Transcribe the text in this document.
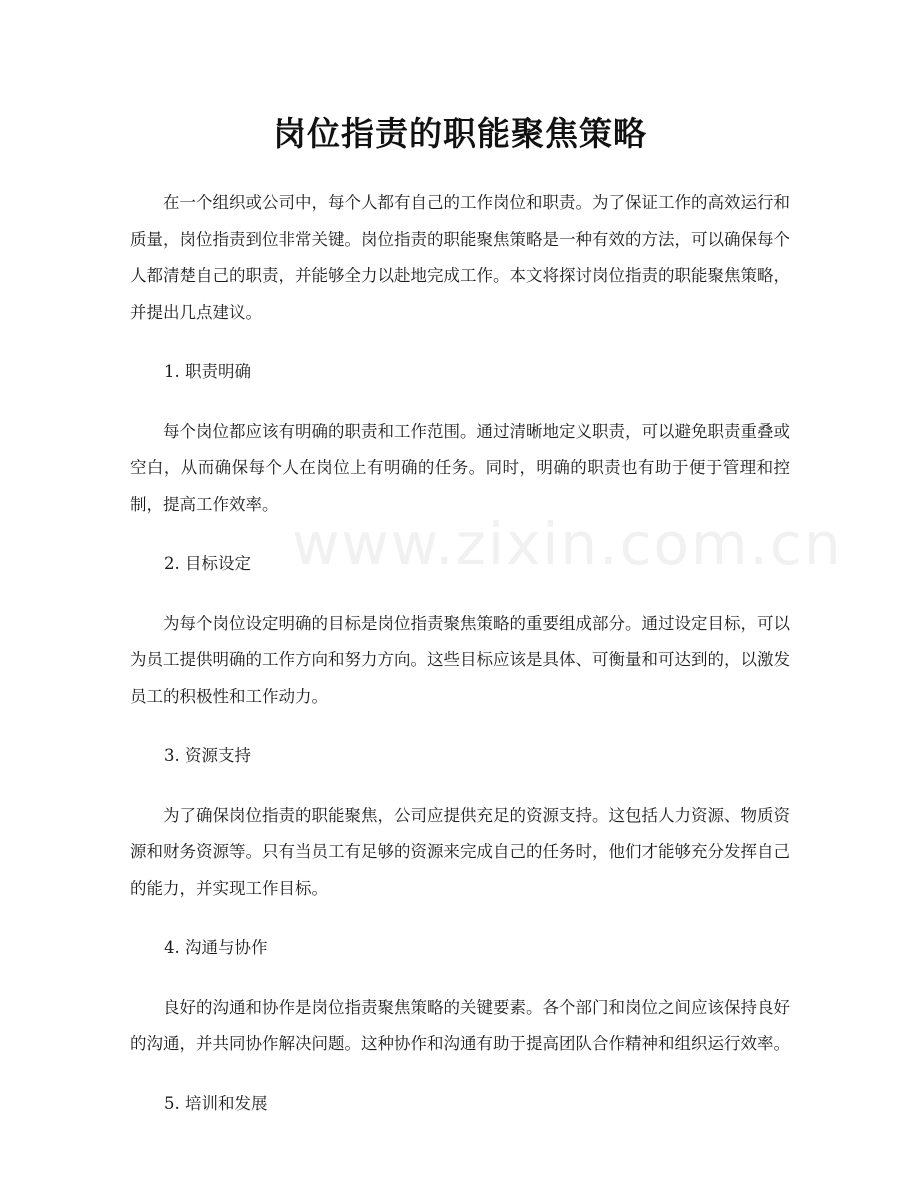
岗位指责的职能聚焦策略

在一个组织或公司中，每个人都有自己的工作岗位和职责。为了保证工作的高效运行和质量，岗位指责到位非常关键。岗位指责的职能聚焦策略是一种有效的方法，可以确保每个人都清楚自己的职责，并能够全力以赴地完成工作。本文将探讨岗位指责的职能聚焦策略，并提出几点建议。

1. 职责明确

每个岗位都应该有明确的职责和工作范围。通过清晰地定义职责，可以避免职责重叠或空白，从而确保每个人在岗位上有明确的任务。同时，明确的职责也有助于便于管理和控制，提高工作效率。

2. 目标设定

为每个岗位设定明确的目标是岗位指责聚焦策略的重要组成部分。通过设定目标，可以为员工提供明确的工作方向和努力方向。这些目标应该是具体、可衡量和可达到的，以激发员工的积极性和工作动力。

3. 资源支持

为了确保岗位指责的职能聚焦，公司应提供充足的资源支持。这包括人力资源、物质资源和财务资源等。只有当员工有足够的资源来完成自己的任务时，他们才能够充分发挥自己的能力，并实现工作目标。

4. 沟通与协作

良好的沟通和协作是岗位指责聚焦策略的关键要素。各个部门和岗位之间应该保持良好的沟通，并共同协作解决问题。这种协作和沟通有助于提高团队合作精神和组织运行效率。

5. 培训和发展

www.zixin.com.cn
